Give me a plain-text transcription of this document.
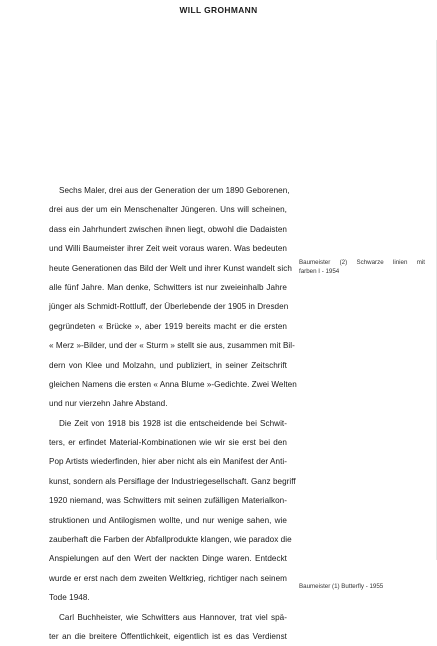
WILL GROHMANN
Sechs Maler, drei aus der Generation der um 1890 Geborenen,
drei aus der um ein Menschenalter Jüngeren. Uns will scheinen,
dass ein Jahrhundert zwischen ihnen liegt, obwohl die Dadaisten
und Willi Baumeister ihrer Zeit weit voraus waren. Was bedeuten
heute Generationen das Bild der Welt und ihrer Kunst wandelt sich
alle fünf Jahre. Man denke, Schwitters ist nur zweieinhalb Jahre
jünger als Schmidt-Rottluff, der Überlebende der 1905 in Dresden
gegründeten « Brücke », aber 1919 bereits macht er die ersten
« Merz »-Bilder, und der « Sturm » stellt sie aus, zusammen mit Bil-
dern von Klee und Molzahn, und publiziert, in seiner Zeitschrift
gleichen Namens die ersten « Anna Blume »-Gedichte. Zwei Welten
und nur vierzehn Jahre Abstand.
Die Zeit von 1918 bis 1928 ist die entscheidende bei Schwit-
ters, er erfindet Material-Kombinationen wie wir sie erst bei den
Pop Artists wiederfinden, hier aber nicht als ein Manifest der Anti-
kunst, sondern als Persiflage der Industriegesellschaft. Ganz begriff
1920 niemand, was Schwitters mit seinen zufälligen Materialkon-
struktionen und Antilogismen wollte, und nur wenige sahen, wie
zauberhaft die Farben der Abfallprodukte klangen, wie paradox die
Anspielungen auf den Wert der nackten Dinge waren. Entdeckt
wurde er erst nach dem zweiten Weltkrieg, richtiger nach seinem
Tode 1948.
Carl Buchheister, wie Schwitters aus Hannover, trat viel spä-
ter an die breitere Öffentlichkeit, eigentlich ist es das Verdienst
Baumeister (2) Schwarze linien mit
farben I - 1954
Baumeister (1) Butterfly - 1955
